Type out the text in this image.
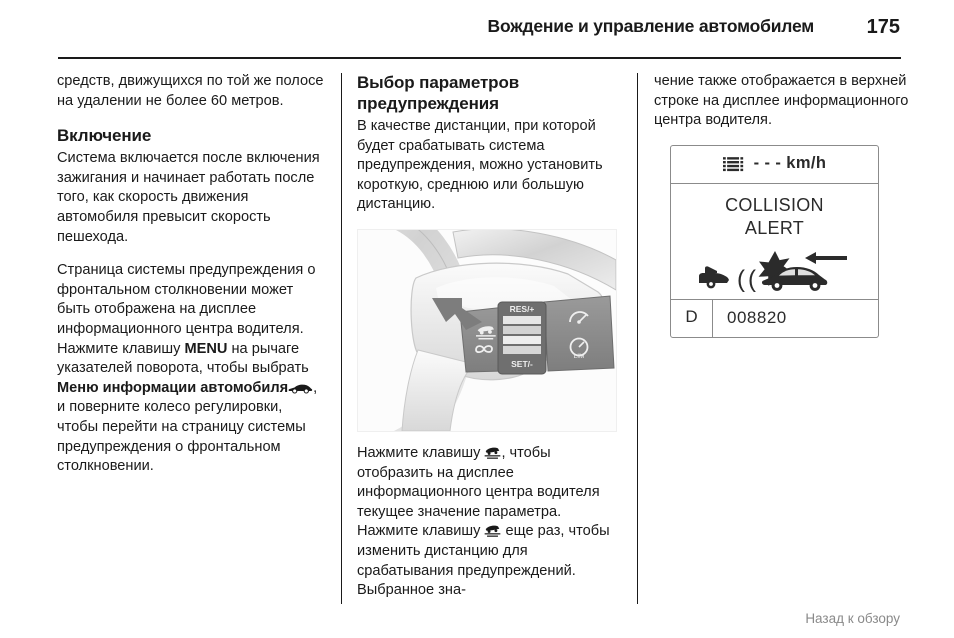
Вождение и управление автомобилем	175

средств, движущихся по той же полосе на удалении не более 60 метров.

Включение

Система включается после включения зажигания и начинает работать после того, как скорость движения автомобиля превысит скорость пешехода.

Страница системы предупреждения о фронтальном столкновении может быть отображена на дисплее информационного центра водителя. Нажмите клавишу MENU на рычаге указателей поворота, чтобы выбрать Меню информации автомобиля , и поверните колесо регулировки, чтобы перейти на страницу системы предупреждения о фронтальном столкновении.

Выбор параметров
предупреждения

В качестве дистанции, при которой будет срабатывать система предупреждения, можно установить короткую, среднюю или большую дистанцию.

RES/+
SET/-
LIM

Нажмите клавишу
, чтобы отобразить на дисплее информационного центра водителя текущее значение параметра. Нажмите клавишу
еще раз, чтобы изменить дистанцию для срабатывания предупреждений. Выбранное зна-

чение также отображается в верхней строке на дисплее информационного центра водителя.

- - - km/h
COLLISION
ALERT
( (
D	008820
Назад к обзору
